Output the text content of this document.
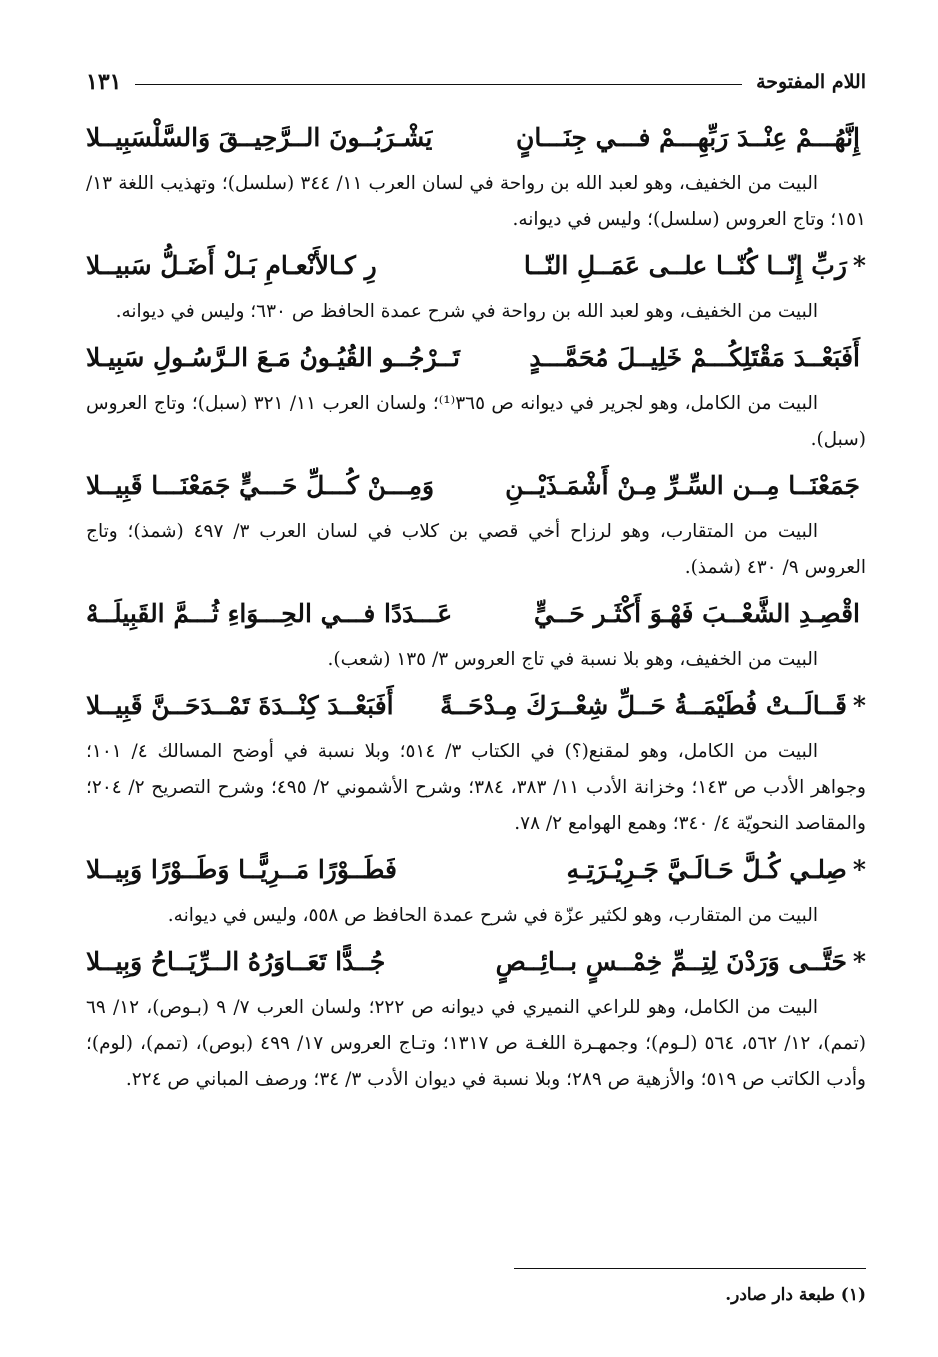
اللام المفتوحة
١٣١
إِنَّهُـــمْ عِنْــدَ رَبِّهِـــمْ فـــي جِنَـــانٍ
يَشْـرَبُــونَ الــرَّحِيــقَ وَالسَّلْسَبِيــلا

البيت من الخفيف، وهو لعبد الله بن رواحة في لسان العرب ١١/ ٣٤٤ (سلسل)؛ وتهذيب اللغة ١٣/ ١٥١؛ وتاج العروس (سلسل)؛ وليس في ديوانه.

*رَبِّ إِنّــا كُنّــا علــى عَمَــلِ النّــا
رِ كـالأَنْعـامِ بَـلْ أَضَـلُّ سَبيــلا

البيت من الخفيف، وهو لعبد الله بن رواحة في شرح عمدة الحافظ ص ٦٣٠؛ وليس في ديوانه.

أَفَبَعْــدَ مَقْتَلِكُـــمْ خَلِيــلَ مُحَمَّـــدٍ
تَــرْجُــو القُيُـونُ مَـعَ الـرَّسُـولِ سَبِيـلا

البيت من الكامل، وهو لجرير في ديوانه ص ٣٦٥⁽¹⁾؛ ولسان العرب ١١/ ٣٢١ (سبل)؛ وتاج العروس (سبل).

جَمَعْنَــا مِــن السِّـرِّ مِـنْ أَشْمَـذَيْــنِ
وَمِـــنْ كُـــلِّ حَـــيٍّ جَمَعْنَـــا قَبِيــلا

البيت من المتقارب، وهو لرزاح أخي قصي بن كلاب في لسان العرب ٣/ ٤٩٧ (شمذ)؛ وتاج العروس ٩/ ٤٣٠ (شمذ).

اقْصِـدِ الشَّعْــبَ فَهْـوَ أَكْثَـر حَــيٍّ
عَـــدَدًا فـــي الحِـــوَاءِ ثُـــمَّ القَبِيلَــهْ

البيت من الخفيف، وهو بلا نسبة في تاج العروس ٣/ ١٣٥ (شعب).

*قَــالَــتْ فُطَيْمَــةُ حَــلِّ شِعْــرَكَ مِـدْحَــةً
أَفَبَعْــدَ كِنْــدَةَ تَمْــدَحَــنَّ قَبِيــلا

البيت من الكامل، وهو لمقنع(؟) في الكتاب ٣/ ٥١٤؛ وبلا نسبة في أوضح المسالك ٤/ ١٠١؛ وجواهر الأدب ص ١٤٣؛ وخزانة الأدب ١١/ ٣٨٣، ٣٨٤؛ وشرح الأشموني ٢/ ٤٩٥؛ وشرح التصريح ٢/ ٢٠٤؛ والمقاصد النحويّة ٤/ ٣٤٠؛ وهمع الهوامع ٢/ ٧٨.

*صِلـي كُـلَّ حَـالَـيَّ جَـرِيْـرَتِـهِ
فَطَــوْرًا مَــرِيًّــا وَطَــوْرًا وَبِيــلا

البيت من المتقارب، وهو لكثير عزّة في شرح عمدة الحافظ ص ٥٥٨، وليس في ديوانه.

*حَتَّــى وَرَدْنَ لِتِــمِّ خِمْــسٍ بــائِــصٍ
جُــدًّا تَعَــاوَرُهُ الــرِّيَــاحُ وَبِيــلا

البيت من الكامل، وهو للراعي النميري في ديوانه ص ٢٢٢؛ ولسان العرب ٧/ ٩ (بـوص)، ١٢/ ٦٩ (تمم)، ١٢/ ٥٦٢، ٥٦٤ (لـوم)؛ وجمهـرة اللغـة ص ١٣١٧؛ وتـاج العروس ١٧/ ٤٩٩ (بوص)، (تمم)، (لوم)؛ وأدب الكاتب ص ٥١٩؛ والأزهية ص ٢٨٩؛ وبلا نسبة في ديوان الأدب ٣/ ٣٤؛ ورصف المباني ص ٢٢٤.

(١) طبعة دار صادر.
